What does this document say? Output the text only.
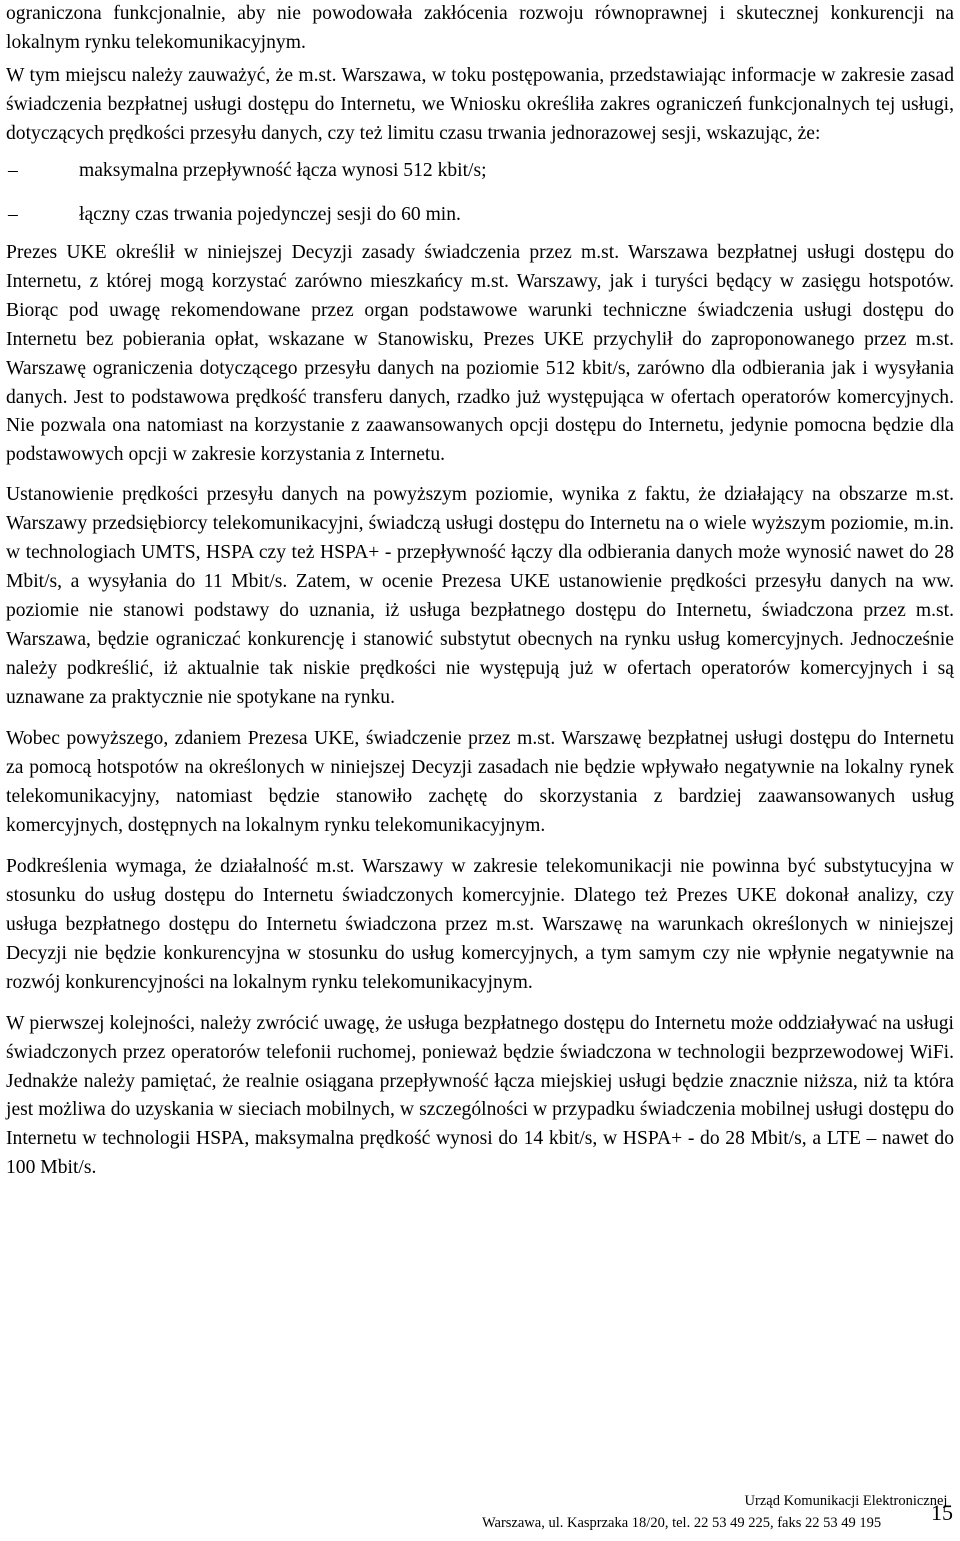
ograniczona funkcjonalnie, aby nie powodowała zakłócenia rozwoju równoprawnej i skutecznej konkurencji na lokalnym rynku telekomunikacyjnym.

W tym miejscu należy zauważyć, że m.st. Warszawa, w toku postępowania, przedstawiając informacje w zakresie zasad świadczenia bezpłatnej usługi dostępu do Internetu, we Wniosku określiła zakres ograniczeń funkcjonalnych tej usługi, dotyczących prędkości przesyłu danych, czy też limitu czasu trwania jednorazowej sesji, wskazując, że:

–	maksymalna przepływność łącza wynosi 512 kbit/s;
–	łączny czas trwania pojedynczej sesji do 60 min.

Prezes UKE określił w niniejszej Decyzji zasady świadczenia przez m.st. Warszawa bezpłatnej usługi dostępu do Internetu, z której mogą korzystać zarówno mieszkańcy m.st. Warszawy, jak i turyści będący w zasięgu hotspotów. Biorąc pod uwagę rekomendowane przez organ podstawowe warunki techniczne świadczenia usługi dostępu do Internetu bez pobierania opłat, wskazane w Stanowisku, Prezes UKE przychylił do zaproponowanego przez m.st. Warszawę ograniczenia dotyczącego przesyłu danych na poziomie 512 kbit/s, zarówno dla odbierania jak i wysyłania danych. Jest to podstawowa prędkość transferu danych, rzadko już występująca w ofertach operatorów komercyjnych. Nie pozwala ona natomiast na korzystanie z zaawansowanych opcji dostępu do Internetu, jedynie pomocna będzie dla podstawowych opcji w zakresie korzystania z Internetu.

Ustanowienie prędkości przesyłu danych na powyższym poziomie, wynika z faktu, że działający na obszarze m.st. Warszawy przedsiębiorcy telekomunikacyjni, świadczą usługi dostępu do Internetu na o wiele wyższym poziomie, m.in. w technologiach UMTS, HSPA czy też HSPA+ - przepływność łączy dla odbierania danych może wynosić nawet do 28 Mbit/s, a wysyłania do 11 Mbit/s. Zatem, w ocenie Prezesa UKE ustanowienie prędkości przesyłu danych na ww. poziomie nie stanowi podstawy do uznania, iż usługa bezpłatnego dostępu do Internetu, świadczona przez m.st. Warszawa, będzie ograniczać konkurencję i stanowić substytut obecnych na rynku usług komercyjnych. Jednocześnie należy podkreślić, iż aktualnie tak niskie prędkości nie występują już w ofertach operatorów komercyjnych i są uznawane za praktycznie nie spotykane na rynku.

Wobec powyższego, zdaniem Prezesa UKE, świadczenie przez m.st. Warszawę bezpłatnej usługi dostępu do Internetu za pomocą hotspotów na określonych w niniejszej Decyzji zasadach nie będzie wpływało negatywnie na lokalny rynek telekomunikacyjny, natomiast będzie stanowiło zachętę do skorzystania z bardziej zaawansowanych usług komercyjnych, dostępnych na lokalnym rynku telekomunikacyjnym.

Podkreślenia wymaga, że działalność m.st. Warszawy w zakresie telekomunikacji nie powinna być substytucyjna w stosunku do usług dostępu do Internetu świadczonych komercyjnie. Dlatego też Prezes UKE dokonał analizy, czy usługa bezpłatnego dostępu do Internetu świadczona przez m.st. Warszawę na warunkach określonych w niniejszej Decyzji nie będzie konkurencyjna w stosunku do usług komercyjnych, a tym samym czy nie wpłynie negatywnie na rozwój konkurencyjności na lokalnym rynku telekomunikacyjnym.

W pierwszej kolejności, należy zwrócić uwagę, że usługa bezpłatnego dostępu do Internetu może oddziaływać na usługi świadczonych przez operatorów telefonii ruchomej, ponieważ będzie świadczona w technologii bezprzewodowej WiFi. Jednakże należy pamiętać, że realnie osiągana przepływność łącza miejskiej usługi będzie znacznie niższa, niż ta która jest możliwa do uzyskania w sieciach mobilnych, w szczególności w przypadku świadczenia mobilnej usługi dostępu do Internetu w technologii HSPA, maksymalna prędkość wynosi do 14 kbit/s, w HSPA+ - do 28 Mbit/s, a LTE – nawet do 100 Mbit/s.

Urząd Komunikacji Elektronicznej
Warszawa, ul. Kasprzaka 18/20, tel. 22 53 49 225, faks 22 53 49 195 15
